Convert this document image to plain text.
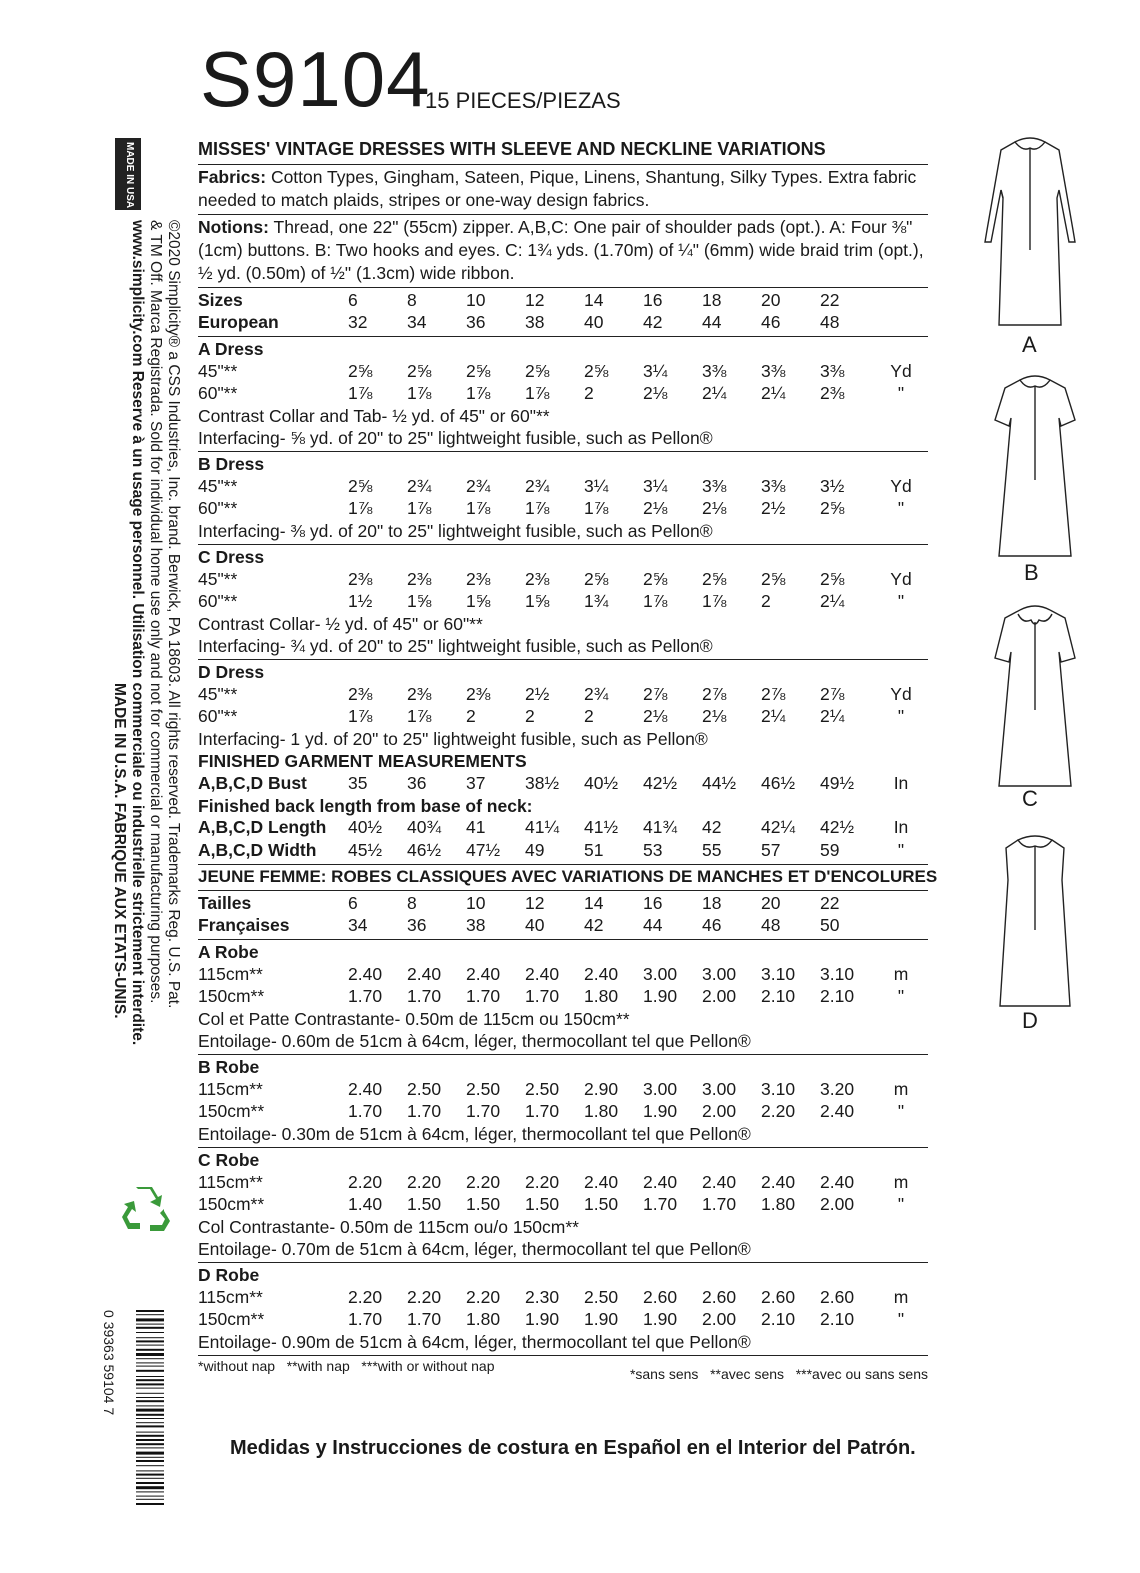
S9104
15 PIECES/PIEZAS
MISSES' VINTAGE DRESSES WITH SLEEVE AND NECKLINE VARIATIONS

Fabrics: Cotton Types, Gingham, Sateen, Pique, Linens, Shantung, Silky Types. Extra fabric needed to match plaids, stripes or one-way design fabrics.

Notions: Thread, one 22" (55cm) zipper. A,B,C: One pair of shoulder pads (opt.). A: Four ⅜" (1cm) buttons. B: Two hooks and eyes. C: 1¾ yds. (1.70m) of ¼" (6mm) wide braid trim (opt.), ½ yd. (0.50m) of ½" (1.3cm) wide ribbon.

Sizes	6	8	10	12	14	16	18	20	22
European	32	34	36	38	40	42	44	46	48
A Dress
45"**	2⅝	2⅝	2⅝	2⅝	2⅝	3¼	3⅜	3⅜	3⅜	Yd
60"**	1⅞	1⅞	1⅞	1⅞	2	2⅛	2¼	2¼	2⅜	"
Contrast Collar and Tab- ½ yd. of 45" or 60"**
Interfacing- ⅝ yd. of 20" to 25" lightweight fusible, such as Pellon®
B Dress
45"**	2⅝	2¾	2¾	2¾	3¼	3¼	3⅜	3⅜	3½	Yd
60"**	1⅞	1⅞	1⅞	1⅞	1⅞	2⅛	2⅛	2½	2⅝	"
Interfacing- ⅜ yd. of 20" to 25" lightweight fusible, such as Pellon®
C Dress
45"**	2⅜	2⅜	2⅜	2⅜	2⅝	2⅝	2⅝	2⅝	2⅝	Yd
60"**	1½	1⅝	1⅝	1⅝	1¾	1⅞	1⅞	2	2¼	"
Contrast Collar- ½ yd. of 45" or 60"**
Interfacing- ¾ yd. of 20" to 25" lightweight fusible, such as Pellon®
D Dress
45"**	2⅜	2⅜	2⅜	2½	2¾	2⅞	2⅞	2⅞	2⅞	Yd
60"**	1⅞	1⅞	2	2	2	2⅛	2⅛	2¼	2¼	"
Interfacing- 1 yd. of 20" to 25" lightweight fusible, such as Pellon®
FINISHED GARMENT MEASUREMENTS
A,B,C,D Bust	35	36	37	38½	40½	42½	44½	46½	49½	In
Finished back length from base of neck:
A,B,C,D Length	40½	40¾	41	41¼	41½	41¾	42	42¼	42½	In
A,B,C,D Width	45½	46½	47½	49	51	53	55	57	59	"
JEUNE FEMME: ROBES CLASSIQUES AVEC VARIATIONS DE MANCHES ET D'ENCOLURES
Tailles	6	8	10	12	14	16	18	20	22
Françaises	34	36	38	40	42	44	46	48	50
A Robe
115cm**	2.40	2.40	2.40	2.40	2.40	3.00	3.00	3.10	3.10	m
150cm**	1.70	1.70	1.70	1.70	1.80	1.90	2.00	2.10	2.10	"
Col et Patte Contrastante- 0.50m de 115cm ou 150cm**
Entoilage- 0.60m de 51cm à 64cm, léger, thermocollant tel que Pellon®
B Robe
115cm**	2.40	2.50	2.50	2.50	2.90	3.00	3.00	3.10	3.20	m
150cm**	1.70	1.70	1.70	1.70	1.80	1.90	2.00	2.20	2.40	"
Entoilage- 0.30m de 51cm à 64cm, léger, thermocollant tel que Pellon®
C Robe
115cm**	2.20	2.20	2.20	2.20	2.40	2.40	2.40	2.40	2.40	m
150cm**	1.40	1.50	1.50	1.50	1.50	1.70	1.70	1.80	2.00	"
Col Contrastante- 0.50m de 115cm ou/o 150cm**
Entoilage- 0.70m de 51cm à 64cm, léger, thermocollant tel que Pellon®
D Robe
115cm**	2.20	2.20	2.20	2.30	2.50	2.60	2.60	2.60	2.60	m
150cm**	1.70	1.70	1.80	1.90	1.90	1.90	2.00	2.10	2.10	"
Entoilage- 0.90m de 51cm à 64cm, léger, thermocollant tel que Pellon®
*without nap   **with nap   ***with or without nap	*sans sens   **avec sens   ***avec ou sans sens
Medidas y Instrucciones de costura en Español en el Interior del Patrón.
MADE IN USA
©2020 Simplicity® a CSS Industries, Inc. brand. Berwick, PA 18603. All rights reserved. Trademarks Reg. U.S. Pat.
& TM Off. Marca Registrada. Sold for individual home use only and not for commercial or manufacturing purposes.
www.simplicity.com Reserve à un usage personnel. Utilisation commerciale ou industrielle strictement interdite.
MADE IN U.S.A. FABRIQUE AUX ETATS-UNIS.
0 39363 59104 7
A
B
C
D
